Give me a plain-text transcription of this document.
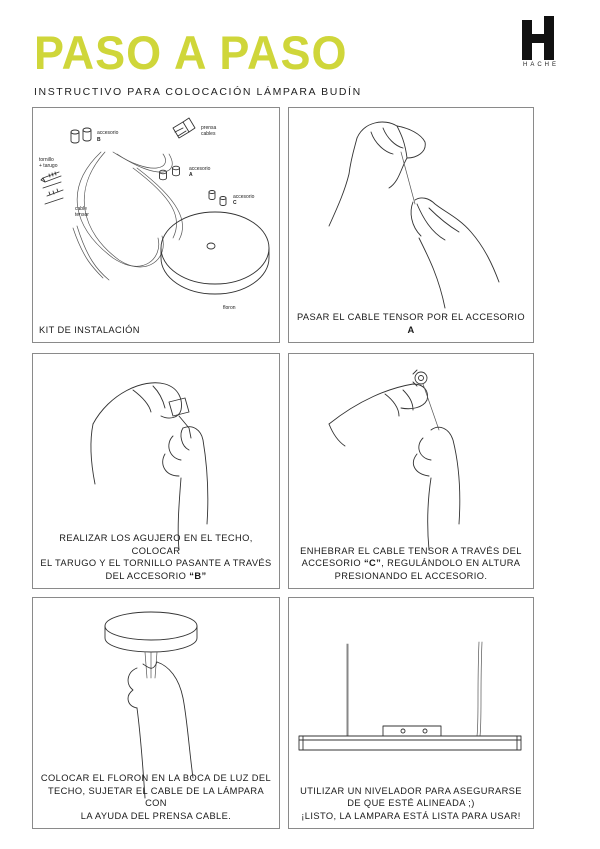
PASO A PASO
INSTRUCTIVO PARA COLOCACIÓN LÁMPARA BUDÍN
HACHE
accesorio
B
prensa
cables
tornillo
+ tarugo	accesorio
A
accesorio
C
cable
tensor
floron
KIT DE INSTALACIÓN
PASAR EL CABLE TENSOR POR EL ACCESORIO A
REALIZAR LOS AGUJERO EN EL TECHO, COLOCAR
EL TARUGO Y EL TORNILLO PASANTE A TRAVÉS
DEL ACCESORIO “B”
ENHEBRAR EL CABLE TENSOR A TRAVÉS DEL
ACCESORIO “C”, REGULÁNDOLO EN ALTURA
PRESIONANDO EL ACCESORIO.
COLOCAR EL FLORON EN LA BOCA DE LUZ DEL
TECHO, SUJETAR EL CABLE DE LA LÁMPARA CON
LA AYUDA DEL PRENSA CABLE.
UTILIZAR UN NIVELADOR PARA ASEGURARSE
DE QUE ESTÉ ALINEADA ;)
¡LISTO, LA LAMPARA ESTÁ LISTA PARA USAR!
